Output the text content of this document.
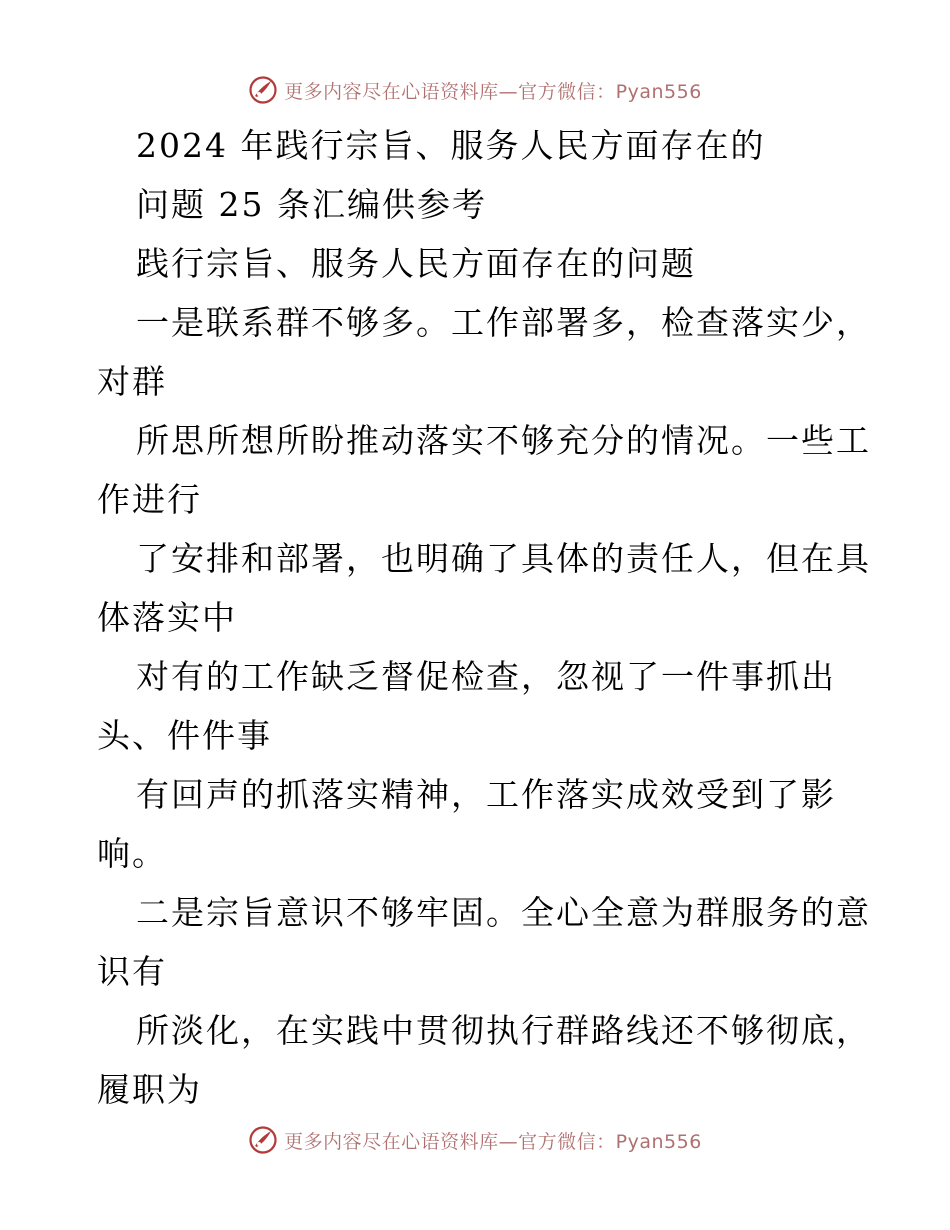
更多内容尽在心语资料库—官方微信：Pyan556
2024 年践行宗旨、服务人民方面存在的
问题 25 条汇编供参考
践行宗旨、服务人民方面存在的问题
一是联系群不够多。工作部署多，检查落实少，
对群
所思所想所盼推动落实不够充分的情况。一些工
作进行
了安排和部署，也明确了具体的责任人，但在具
体落实中
对有的工作缺乏督促检查，忽视了一件事抓出
头、件件事
有回声的抓落实精神，工作落实成效受到了影
响。
二是宗旨意识不够牢固。全心全意为群服务的意
识有
所淡化，在实践中贯彻执行群路线还不够彻底，
履职为
更多内容尽在心语资料库—官方微信：Pyan556
